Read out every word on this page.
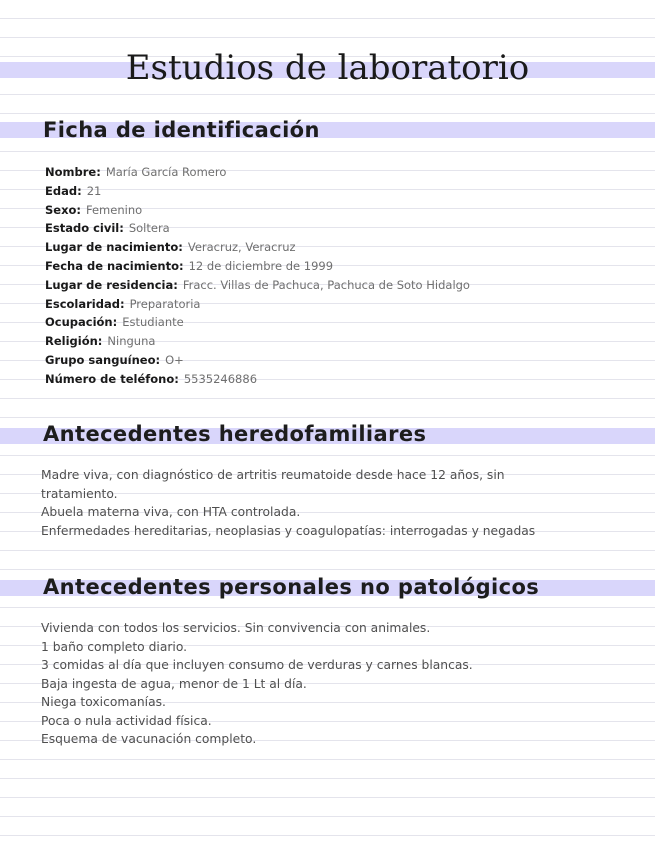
Estudios de laboratorio
Ficha de identificación
Nombre: María García Romero
Edad: 21
Sexo: Femenino
Estado civil: Soltera
Lugar de nacimiento: Veracruz, Veracruz
Fecha de nacimiento: 12 de diciembre de 1999
Lugar de residencia: Fracc. Villas de Pachuca, Pachuca de Soto Hidalgo
Escolaridad: Preparatoria
Ocupación: Estudiante
Religión: Ninguna
Grupo sanguíneo: O+
Número de teléfono: 5535246886
Antecedentes heredofamiliares
Madre viva, con diagnóstico de artritis reumatoide desde hace 12 años, sin
tratamiento.
Abuela materna viva, con HTA controlada.
Enfermedades hereditarias, neoplasias y coagulopatías: interrogadas y negadas
Antecedentes personales no patológicos
Vivienda con todos los servicios. Sin convivencia con animales.
1 baño completo diario.
3 comidas al día que incluyen consumo de verduras y carnes blancas.
Baja ingesta de agua, menor de 1 Lt al día.
Niega toxicomanías.
Poca o nula actividad física.
Esquema de vacunación completo.
